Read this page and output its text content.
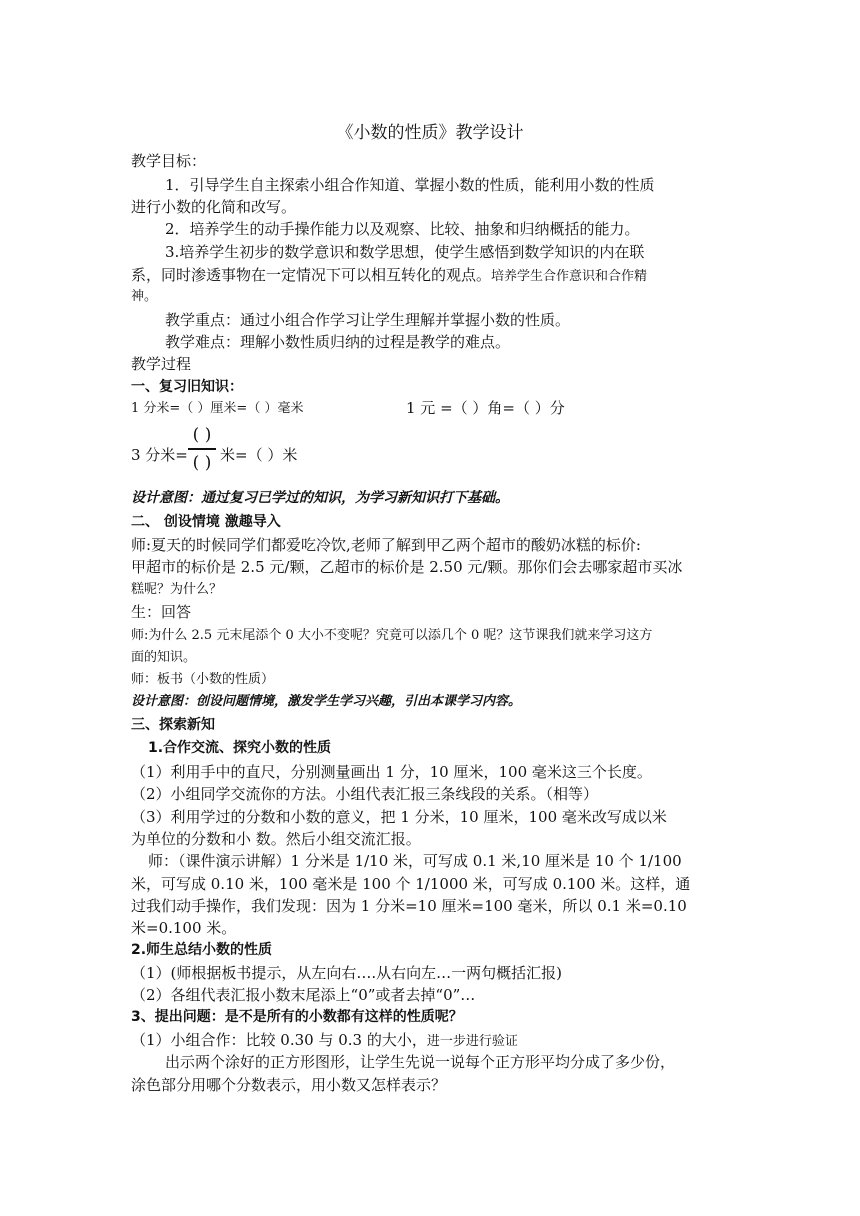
《小数的性质》教学设计
教学目标：
1．引导学生自主探索小组合作知道、掌握小数的性质，能利用小数的性质
进行小数的化简和改写。
2．培养学生的动手操作能力以及观察、比较、抽象和归纳概括的能力。
3.培养学生初步的数学意识和数学思想，使学生感悟到数学知识的内在联
系，同时渗透事物在一定情况下可以相互转化的观点。培养学生合作意识和合作精
神。
教学重点：通过小组合作学习让学生理解并掌握小数的性质。
教学难点：理解小数性质归纳的过程是教学的难点。
教学过程
一、复习旧知识：
1 分米=（ ）厘米=（ ）毫米	1 元 =（ ）角=（ ）分
3 分米=
( )
( ) 米=（ ）米
设计意图：通过复习已学过的知识，为学习新知识打下基础。
二、 创设情境 激趣导入
师:夏天的时候同学们都爱吃冷饮,老师了解到甲乙两个超市的酸奶冰糕的标价:
甲超市的标价是 2.5 元/颗，乙超市的标价是 2.50 元/颗。那你们会去哪家超市买冰
糕呢？为什么？
生：回答
师:为什么 2.5 元末尾添个 0 大小不变呢？究竟可以添几个 0 呢？这节课我们就来学习这方
面的知识。
师：板书（小数的性质）
设计意图：创设问题情境，激发学生学习兴趣，引出本课学习内容。
三、探索新知
1.合作交流、探究小数的性质
（1）利用手中的直尺，分别测量画出 1 分，10 厘米，100 毫米这三个长度。
（2）小组同学交流你的方法。小组代表汇报三条线段的关系。（相等）
（3）利用学过的分数和小数的意义，把 1 分米，10 厘米，100 毫米改写成以米
为单位的分数和小 数。然后小组交流汇报。
师：（课件演示讲解）1 分米是 1/10 米，可写成 0.1 米,10 厘米是 10 个 1/100
米，可写成 0.10 米，100 毫米是 100 个 1/1000 米，可写成 0.100 米。这样，通
过我们动手操作，我们发现：因为 1 分米=10 厘米=100 毫米，所以 0.1 米=0.10
米=0.100 米。
2.师生总结小数的性质
（1）(师根据板书提示，从左向右….从右向左…一两句概括汇报)
（2）各组代表汇报小数末尾添上“0”或者去掉“0”…
3、提出问题：是不是所有的小数都有这样的性质呢？
（1）小组合作：比较 0.30 与 0.3 的大小，进一步进行验证
出示两个涂好的正方形图形，让学生先说一说每个正方形平均分成了多少份，
涂色部分用哪个分数表示，用小数又怎样表示？
